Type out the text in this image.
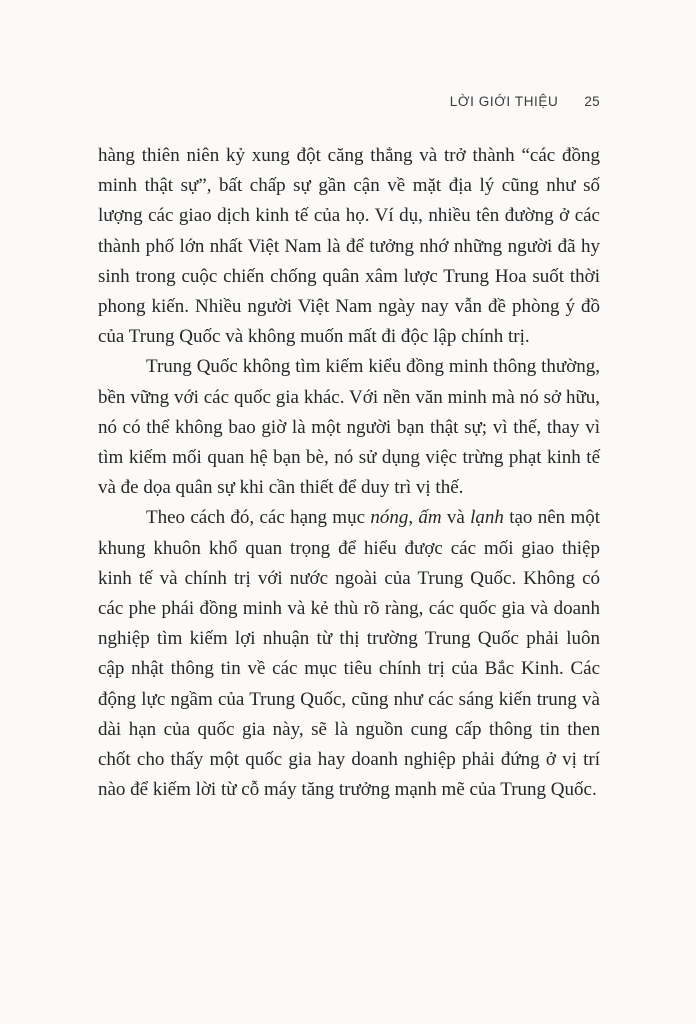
LỜI GIỚI THIỆU 25

hàng thiên niên kỷ xung đột căng thẳng và trở thành “các đồng minh thật sự”, bất chấp sự gần cận về mặt địa lý cũng như số lượng các giao dịch kinh tế của họ. Ví dụ, nhiều tên đường ở các thành phố lớn nhất Việt Nam là để tưởng nhớ những người đã hy sinh trong cuộc chiến chống quân xâm lược Trung Hoa suốt thời phong kiến. Nhiều người Việt Nam ngày nay vẫn đề phòng ý đồ của Trung Quốc và không muốn mất đi độc lập chính trị.

Trung Quốc không tìm kiếm kiểu đồng minh thông thường, bền vững với các quốc gia khác. Với nền văn minh mà nó sở hữu, nó có thể không bao giờ là một người bạn thật sự; vì thế, thay vì tìm kiếm mối quan hệ bạn bè, nó sử dụng việc trừng phạt kinh tế và đe dọa quân sự khi cần thiết để duy trì vị thế.

Theo cách đó, các hạng mục nóng, ấm và lạnh tạo nên một khung khuôn khổ quan trọng để hiểu được các mối giao thiệp kinh tế và chính trị với nước ngoài của Trung Quốc. Không có các phe phái đồng minh và kẻ thù rõ ràng, các quốc gia và doanh nghiệp tìm kiếm lợi nhuận từ thị trường Trung Quốc phải luôn cập nhật thông tin về các mục tiêu chính trị của Bắc Kinh. Các động lực ngầm của Trung Quốc, cũng như các sáng kiến trung và dài hạn của quốc gia này, sẽ là nguồn cung cấp thông tin then chốt cho thấy một quốc gia hay doanh nghiệp phải đứng ở vị trí nào để kiếm lời từ cỗ máy tăng trưởng mạnh mẽ của Trung Quốc.
